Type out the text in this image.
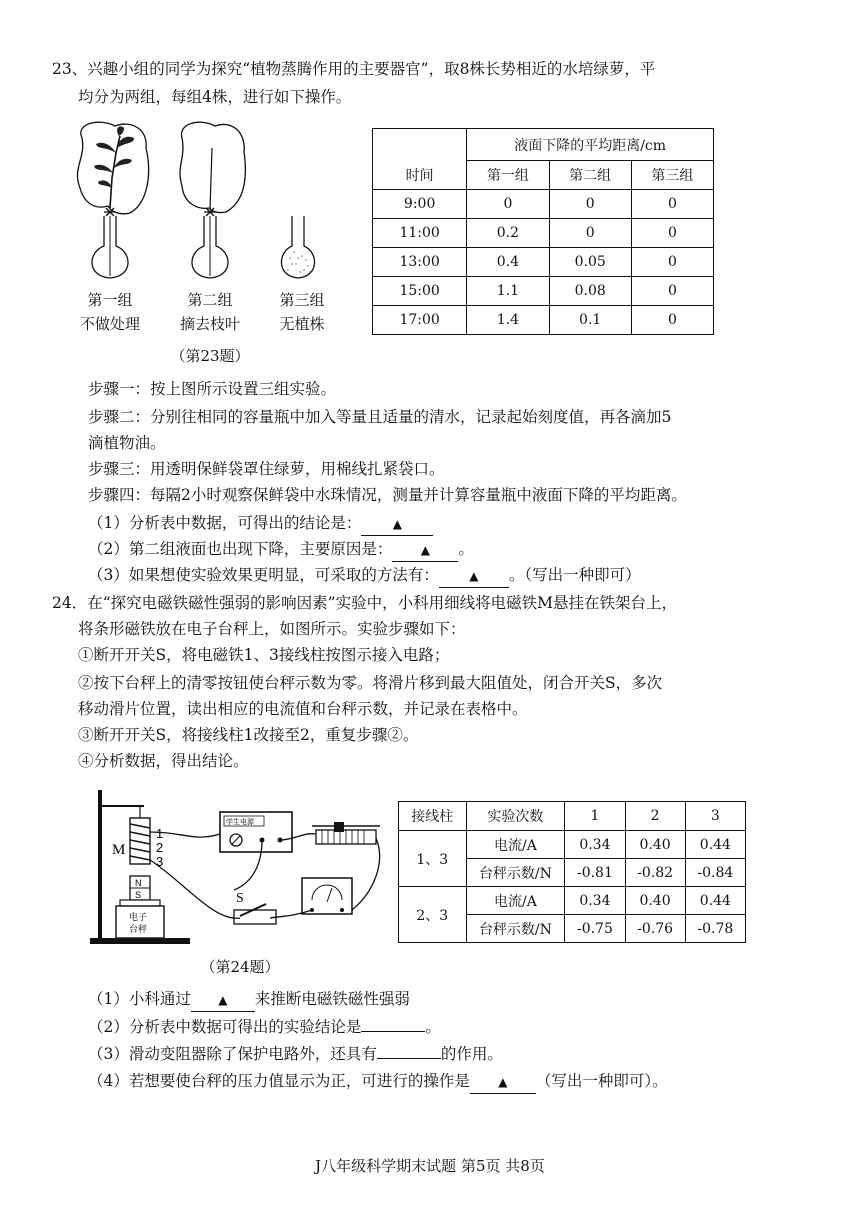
23、兴趣小组的同学为探究“植物蒸腾作用的主要器官”，取8株长势相近的水培绿萝，平
均分为两组，每组4株，进行如下操作。
第一组
不做处理
第二组
摘去枝叶
第三组
无植株
（第23题）
	液面下降的平均距离/cm		
时间	第一组	第二组	第三组
9:00	0	0	0
11:00	0.2	0	0
13:00	0.4	0.05	0
15:00	1.1	0.08	0
17:00	1.4	0.1	0
步骤一：按上图所示设置三组实验。
步骤二：分别往相同的容量瓶中加入等量且适量的清水，记录起始刻度值，再各滴加5
滴植物油。
步骤三：用透明保鲜袋罩住绿萝，用棉线扎紧袋口。
步骤四：每隔2小时观察保鲜袋中水珠情况，测量并计算容量瓶中液面下降的平均距离。
（1）分析表中数据，可得出的结论是：	▲
（2）第二组液面也出现下降，主要原因是： ▲ 。
（3）如果想使实验效果更明显，可采取的方法有：	▲ 。（写出一种即可）
24．在“探究电磁铁磁性强弱的影响因素”实验中，小科用细线将电磁铁M悬挂在铁架台上，
将条形磁铁放在电子台秤上，如图所示。实验步骤如下：
①断开开关S，将电磁铁1、3接线柱按图示接入电路；
②按下台秤上的清零按钮使台秤示数为零。将滑片移到最大阻值处，闭合开关S，多次
移动滑片位置，读出相应的电流值和台秤示数，并记录在表格中。
③断开开关S，将接线柱1改接至2，重复步骤②。
④分析数据，得出结论。
M
1
2
3
N
S
电子
台秤
学生电源
S
（第24题）
接线柱	实验次数	1	2	3
1、3	电流/A	0.34	0.40	0.44
	台秤示数/N	-0.81	-0.82	-0.84
2、3	电流/A	0.34	0.40	0.44
	台秤示数/N	-0.75	-0.76	-0.78
（1）小科通过 ▲ 来推断电磁铁磁性强弱
（2）分析表中数据可得出的实验结论是	。
（3）滑动变阻器除了保护电路外，还具有	的作用。
（4）若想要使台秤的压力值显示为正，可进行的操作是 ▲ （写出一种即可）。
J八年级科学期末试题 第5页 共8页
